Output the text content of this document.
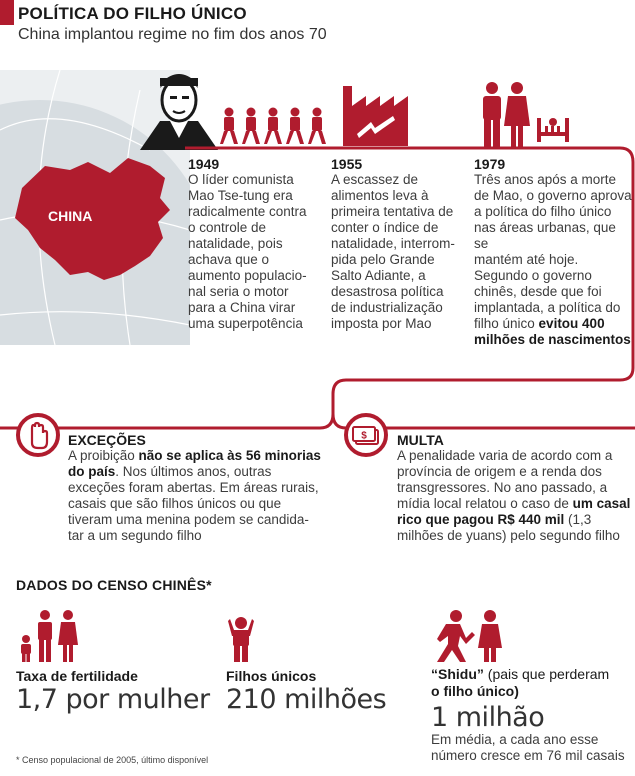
POLÍTICA DO FILHO ÚNICO
China implantou regime no fim dos anos 70
CHINA
1949
O líder comunista
Mao Tse-tung era
radicalmente contra
o controle de
natalidade, pois
achava que o
aumento populacio-
nal seria o motor
para a China virar
uma superpotência
1955
A escassez de
alimentos leva à
primeira tentativa de
conter o índice de
natalidade, interrom-
pida pelo Grande
Salto Adiante, a
desastrosa política
de industrialização
imposta por Mao
1979
Três anos após a morte
de Mao, o governo aprova
a política do filho único
nas áreas urbanas, que se
mantém até hoje.
Segundo o governo
chinês, desde que foi
implantada, a política do
filho único evitou 400
milhões de nascimentos
EXCEÇÕES
A proibição não se aplica às 56 minorias
do país. Nos últimos anos, outras
exceções foram abertas. Em áreas rurais,
casais que são filhos únicos ou que
tiveram uma menina podem se candida-
tar a um segundo filho
$ MULTA
A penalidade varia de acordo com a
província de origem e a renda dos
transgressores. No ano passado, a
mídia local relatou o caso de um casal
rico que pagou R$ 440 mil (1,3
milhões de yuans) pelo segundo filho
DADOS DO CENSO CHINÊS*
Taxa de fertilidade
1,7 por mulher
Filhos únicos
210 milhões
“Shidu” (pais que perderam
o filho único)
1 milhão
Em média, a cada ano esse
número cresce em 76 mil casais
* Censo populacional de 2005, último disponível
